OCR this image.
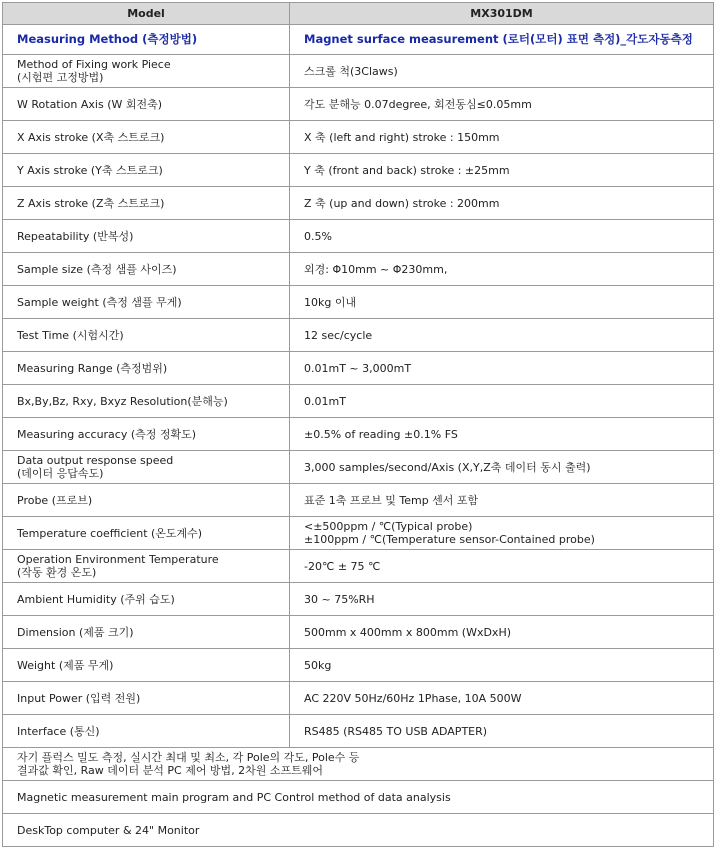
Model	MX301DM
Measuring Method (측정방법)	Magnet surface measurement (로터(모터) 표면 측정)_각도자동측정

Method of Fixing work Piece
(시험편 고정방법)	스크롤 척(3Claws)

W Rotation Axis (W 회전축)	각도 분해능 0.07degree, 회전동심≤0.05mm

X Axis stroke (X축 스트로크)	X 축 (left and right) stroke : 150mm

Y Axis stroke (Y축 스트로크)	Y 축 (front and back) stroke : ±25mm

Z Axis stroke (Z축 스트로크)	Z 축 (up and down) stroke : 200mm

Repeatability (반복성)	0.5%

Sample size (측정 샘플 사이즈)	외경: Φ10mm ~ Φ230mm,

Sample weight (측정 샘플 무게)	10kg 이내

Test Time (시험시간)	12 sec/cycle

Measuring Range (측정범위)	0.01mT ~ 3,000mT

Bx,By,Bz, Rxy, Bxyz Resolution(분해능)	0.01mT

Measuring accuracy (측정 정확도)	±0.5% of reading ±0.1% FS

Data output response speed
(데이터 응답속도)	3,000 samples/second/Axis (X,Y,Z축 데이터 동시 출력)

Probe (프로브)	표준 1축 프로브 및 Temp 센서 포함

Temperature coefficient (온도계수)	<±500ppm / ℃(Typical probe)
±100ppm / ℃(Temperature sensor-Contained probe)

Operation Environment Temperature
(작동 환경 온도)	-20℃ ± 75 ℃

Ambient Humidity (주위 습도)	30 ~ 75%RH

Dimension (제품 크기)	500mm x 400mm x 800mm (WxDxH)

Weight (제품 무게)	50kg

Input Power (입력 전원)	AC 220V 50Hz/60Hz 1Phase, 10A 500W

Interface (통신)	RS485 (RS485 TO USB ADAPTER)

자기 플럭스 밀도 측정, 실시간 최대 및 최소, 각 Pole의 각도, Pole수 등
결과값 확인, Raw 데이터 분석 PC 제어 방법, 2차원 소프트웨어	

Magnetic measurement main program and PC Control method of data analysis	

DeskTop computer & 24" Monitor	
